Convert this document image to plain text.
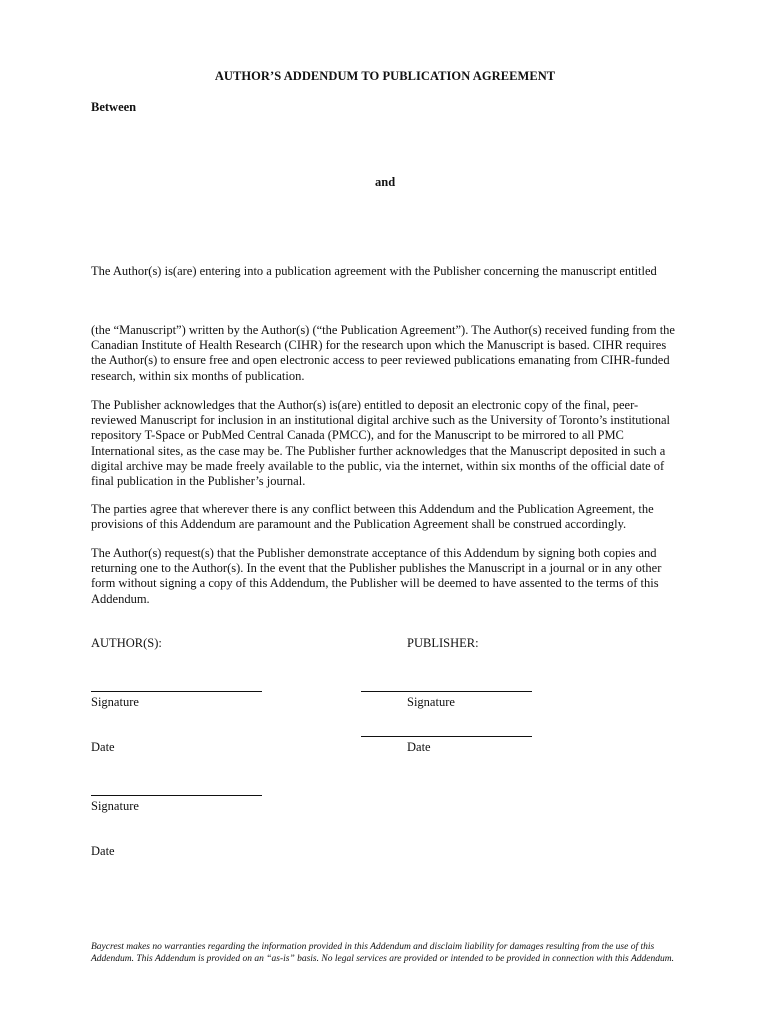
AUTHOR’S ADDENDUM TO PUBLICATION AGREEMENT
Between
and

The Author(s) is(are) entering into a publication agreement with the Publisher concerning the manuscript entitled

(the “Manuscript”) written by the Author(s) (“the Publication Agreement”). The Author(s) received funding from the Canadian Institute of Health Research (CIHR) for the research upon which the Manuscript is based. CIHR requires the Author(s) to ensure free and open electronic access to peer reviewed publications emanating from CIHR-funded research, within six months of publication.

The Publisher acknowledges that the Author(s) is(are) entitled to deposit an electronic copy of the final, peer-reviewed Manuscript for inclusion in an institutional digital archive such as the University of Toronto’s institutional repository T-Space or PubMed Central Canada (PMCC), and for the Manuscript to be mirrored to all PMC International sites, as the case may be. The Publisher further acknowledges that the Manuscript deposited in such a digital archive may be made freely available to the public, via the internet, within six months of the official date of final publication in the Publisher’s journal.

The parties agree that wherever there is any conflict between this Addendum and the Publication Agreement, the provisions of this Addendum are paramount and the Publication Agreement shall be construed accordingly.

The Author(s) request(s) that the Publisher demonstrate acceptance of this Addendum by signing both copies and returning one to the Author(s). In the event that the Publisher publishes the Manuscript in a journal or in any other form without signing a copy of this Addendum, the Publisher will be deemed to have assented to the terms of this Addendum.

AUTHOR(S):	PUBLISHER:
Signature	Signature
Date	Date
Signature
Date

Baycrest makes no warranties regarding the information provided in this Addendum and disclaim liability for damages resulting from the use of this Addendum. This Addendum is provided on an “as-is” basis. No legal services are provided or intended to be provided in connection with this Addendum.
